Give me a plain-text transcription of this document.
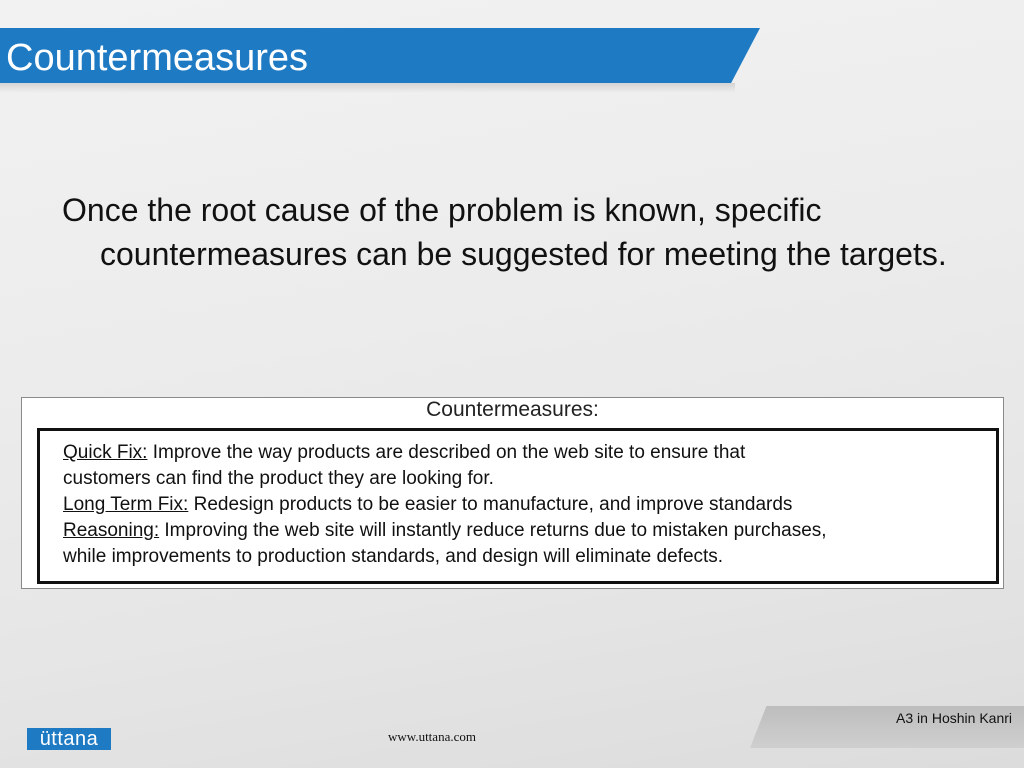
Countermeasures
Once the root cause of the problem is known, specific countermeasures can be suggested for meeting the targets.
Countermeasures:
Quick Fix: Improve the way products are described on the web site to ensure that
customers can find the product they are looking for.
Long Term Fix: Redesign products to be easier to manufacture, and improve standards
Reasoning: Improving the web site will instantly reduce returns due to mistaken purchases,
while improvements to production standards, and design will eliminate defects.
A3 in Hoshin Kanri
üttana	www.uttana.com
